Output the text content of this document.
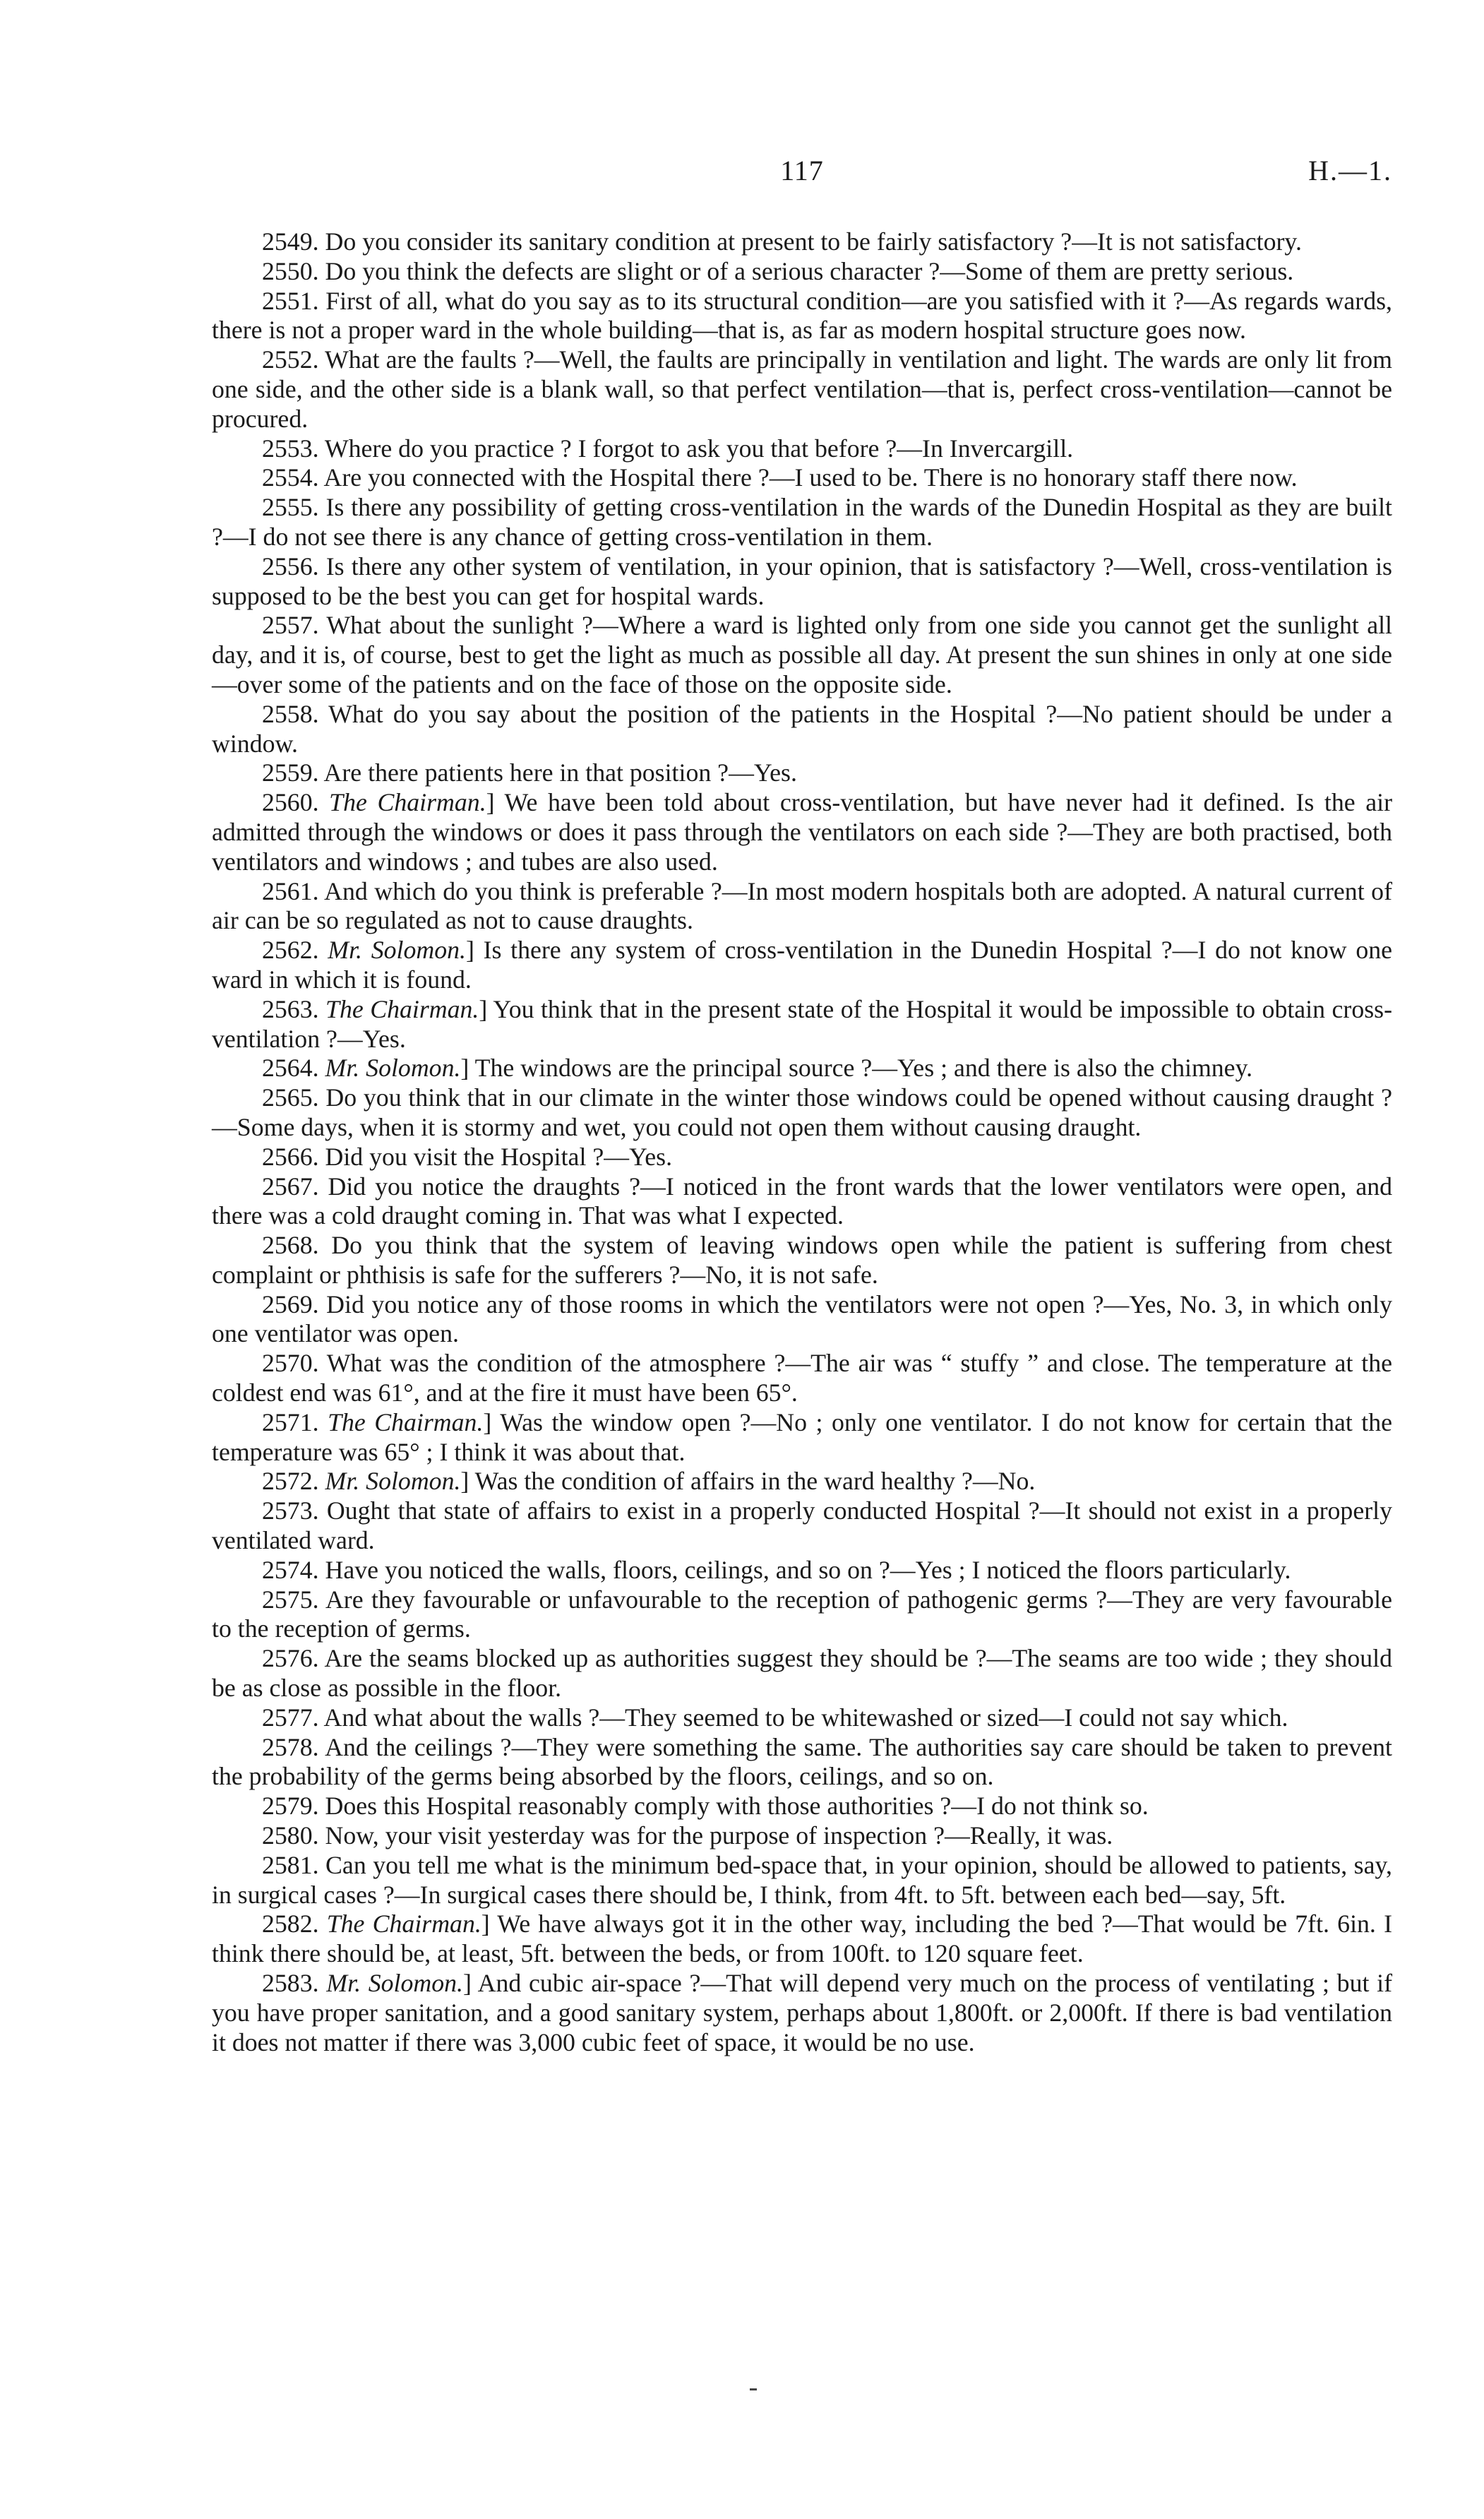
117	H.—1.

2549. Do you consider its sanitary condition at present to be fairly satisfactory ?—It is not satisfactory.

2550. Do you think the defects are slight or of a serious character ?—Some of them are pretty serious.

2551. First of all, what do you say as to its structural condition—are you satisfied with it ?—As regards wards, there is not a proper ward in the whole building—that is, as far as modern hospital structure goes now.

2552. What are the faults ?—Well, the faults are principally in ventilation and light. The wards are only lit from one side, and the other side is a blank wall, so that perfect ventilation—that is, perfect cross-ventilation—cannot be procured.

2553. Where do you practice ? I forgot to ask you that before ?—In Invercargill.

2554. Are you connected with the Hospital there ?—I used to be. There is no honorary staff there now.

2555. Is there any possibility of getting cross-ventilation in the wards of the Dunedin Hospital as they are built ?—I do not see there is any chance of getting cross-ventilation in them.

2556. Is there any other system of ventilation, in your opinion, that is satisfactory ?—Well, cross-ventilation is supposed to be the best you can get for hospital wards.

2557. What about the sunlight ?—Where a ward is lighted only from one side you cannot get the sunlight all day, and it is, of course, best to get the light as much as possible all day. At present the sun shines in only at one side—over some of the patients and on the face of those on the opposite side.

2558. What do you say about the position of the patients in the Hospital ?—No patient should be under a window.

2559. Are there patients here in that position ?—Yes.

2560. The Chairman.] We have been told about cross-ventilation, but have never had it defined. Is the air admitted through the windows or does it pass through the ventilators on each side ?—They are both practised, both ventilators and windows ; and tubes are also used.

2561. And which do you think is preferable ?—In most modern hospitals both are adopted. A natural current of air can be so regulated as not to cause draughts.

2562. Mr. Solomon.] Is there any system of cross-ventilation in the Dunedin Hospital ?—I do not know one ward in which it is found.

2563. The Chairman.] You think that in the present state of the Hospital it would be impossible to obtain cross-ventilation ?—Yes.

2564. Mr. Solomon.] The windows are the principal source ?—Yes ; and there is also the chimney.

2565. Do you think that in our climate in the winter those windows could be opened without causing draught ?—Some days, when it is stormy and wet, you could not open them without causing draught.

2566. Did you visit the Hospital ?—Yes.

2567. Did you notice the draughts ?—I noticed in the front wards that the lower ventilators were open, and there was a cold draught coming in. That was what I expected.

2568. Do you think that the system of leaving windows open while the patient is suffering from chest complaint or phthisis is safe for the sufferers ?—No, it is not safe.

2569. Did you notice any of those rooms in which the ventilators were not open ?—Yes, No. 3, in which only one ventilator was open.

2570. What was the condition of the atmosphere ?—The air was “ stuffy ” and close. The temperature at the coldest end was 61°, and at the fire it must have been 65°.

2571. The Chairman.] Was the window open ?—No ; only one ventilator. I do not know for certain that the temperature was 65° ; I think it was about that.

2572. Mr. Solomon.] Was the condition of affairs in the ward healthy ?—No.

2573. Ought that state of affairs to exist in a properly conducted Hospital ?—It should not exist in a properly ventilated ward.

2574. Have you noticed the walls, floors, ceilings, and so on ?—Yes ; I noticed the floors particularly.

2575. Are they favourable or unfavourable to the reception of pathogenic germs ?—They are very favourable to the reception of germs.

2576. Are the seams blocked up as authorities suggest they should be ?—The seams are too wide ; they should be as close as possible in the floor.

2577. And what about the walls ?—They seemed to be whitewashed or sized—I could not say which.

2578. And the ceilings ?—They were something the same. The authorities say care should be taken to prevent the probability of the germs being absorbed by the floors, ceilings, and so on.

2579. Does this Hospital reasonably comply with those authorities ?—I do not think so.

2580. Now, your visit yesterday was for the purpose of inspection ?—Really, it was.

2581. Can you tell me what is the minimum bed-space that, in your opinion, should be allowed to patients, say, in surgical cases ?—In surgical cases there should be, I think, from 4ft. to 5ft. between each bed—say, 5ft.

2582. The Chairman.] We have always got it in the other way, including the bed ?—That would be 7ft. 6in. I think there should be, at least, 5ft. between the beds, or from 100ft. to 120 square feet.

2583. Mr. Solomon.] And cubic air-space ?—That will depend very much on the process of ventilating ; but if you have proper sanitation, and a good sanitary system, perhaps about 1,800ft. or 2,000ft. If there is bad ventilation it does not matter if there was 3,000 cubic feet of space, it would be no use.
